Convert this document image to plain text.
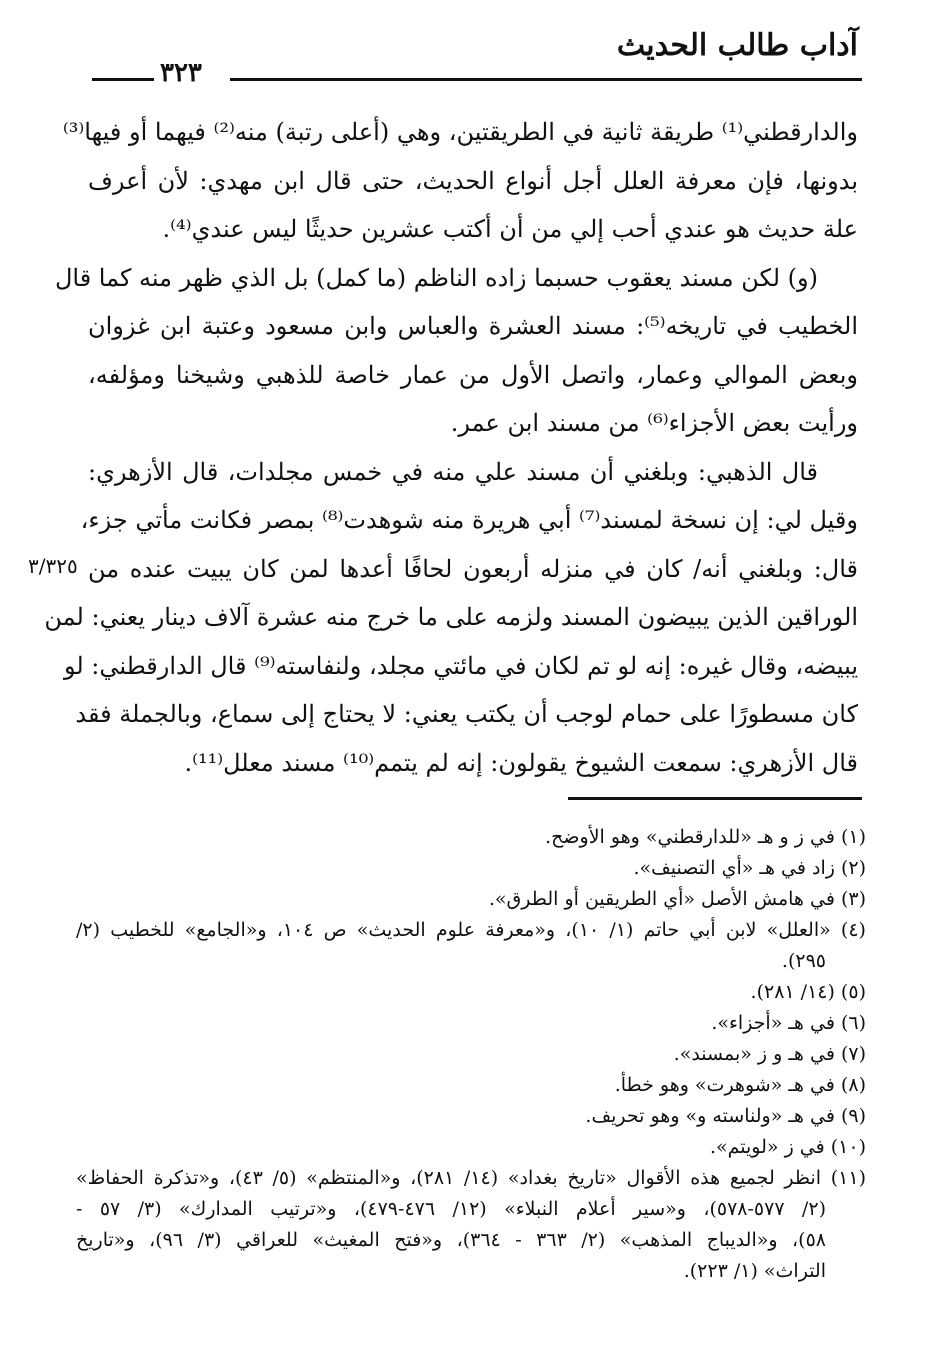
آداب طالب الحديث
٣٢٣
والدارقطني⁽¹⁾ طريقة ثانية في الطريقتين، وهي (أعلى رتبة) منه⁽²⁾ فيهما أو فيها⁽³⁾
بدونها، فإن معرفة العلل أجل أنواع الحديث، حتى قال ابن مهدي: لأن أعرف
علة حديث هو عندي أحب إلي من أن أكتب عشرين حديثًا ليس عندي⁽⁴⁾.
(و) لكن مسند يعقوب حسبما زاده الناظم (ما كمل) بل الذي ظهر منه كما قال
الخطيب في تاريخه⁽⁵⁾: مسند العشرة والعباس وابن مسعود وعتبة ابن غزوان
وبعض الموالي وعمار، واتصل الأول من عمار خاصة للذهبي وشيخنا ومؤلفه،
ورأيت بعض الأجزاء⁽⁶⁾ من مسند ابن عمر.
قال الذهبي: وبلغني أن مسند علي منه في خمس مجلدات، قال الأزهري:
وقيل لي: إن نسخة لمسند⁽⁷⁾ أبي هريرة منه شوهدت⁽⁸⁾ بمصر فكانت مأتي جزء،
قال: وبلغني أنه/ كان في منزله أربعون لحافًا أعدها لمن كان يبيت عنده من
الوراقين الذين يبيضون المسند ولزمه على ما خرج منه عشرة آلاف دينار يعني: لمن
يبيضه، وقال غيره: إنه لو تم لكان في مائتي مجلد، ولنفاسته⁽⁹⁾ قال الدارقطني: لو
كان مسطورًا على حمام لوجب أن يكتب يعني: لا يحتاج إلى سماع، وبالجملة فقد
قال الأزهري: سمعت الشيوخ يقولون: إنه لم يتمم⁽¹⁰⁾ مسند معلل⁽¹¹⁾.
٣/٣٢٥
(١) في ز و هـ «للدارقطني» وهو الأوضح.
(٢) زاد في هـ «أي التصنيف».
(٣) في هامش الأصل «أي الطريقين أو الطرق».
(٤) «العلل» لابن أبي حاتم (١/ ١٠)، و«معرفة علوم الحديث» ص ١٠٤، و«الجامع» للخطيب (٢/
٢٩٥).
(٥) (١٤/ ٢٨١).
(٦) في هـ «أجزاء».
(٧) في هـ و ز «بمسند».
(٨) في هـ «شوهرت» وهو خطأ.
(٩) في هـ «ولناسته و» وهو تحريف.
(١٠) في ز «لويتم».
(١١) انظر لجميع هذه الأقوال «تاريخ بغداد» (١٤/ ٢٨١)، و«المنتظم» (٥/ ٤٣)، و«تذكرة الحفاظ»
(٢/ ٥٧٧-٥٧٨)، و«سير أعلام النبلاء» (١٢/ ٤٧٦-٤٧٩)، و«ترتيب المدارك» (٣/ ٥٧ -
٥٨)، و«الديباج المذهب» (٢/ ٣٦٣ - ٣٦٤)، و«فتح المغيث» للعراقي (٣/ ٩٦)، و«تاريخ
التراث» (١/ ٢٢٣).
